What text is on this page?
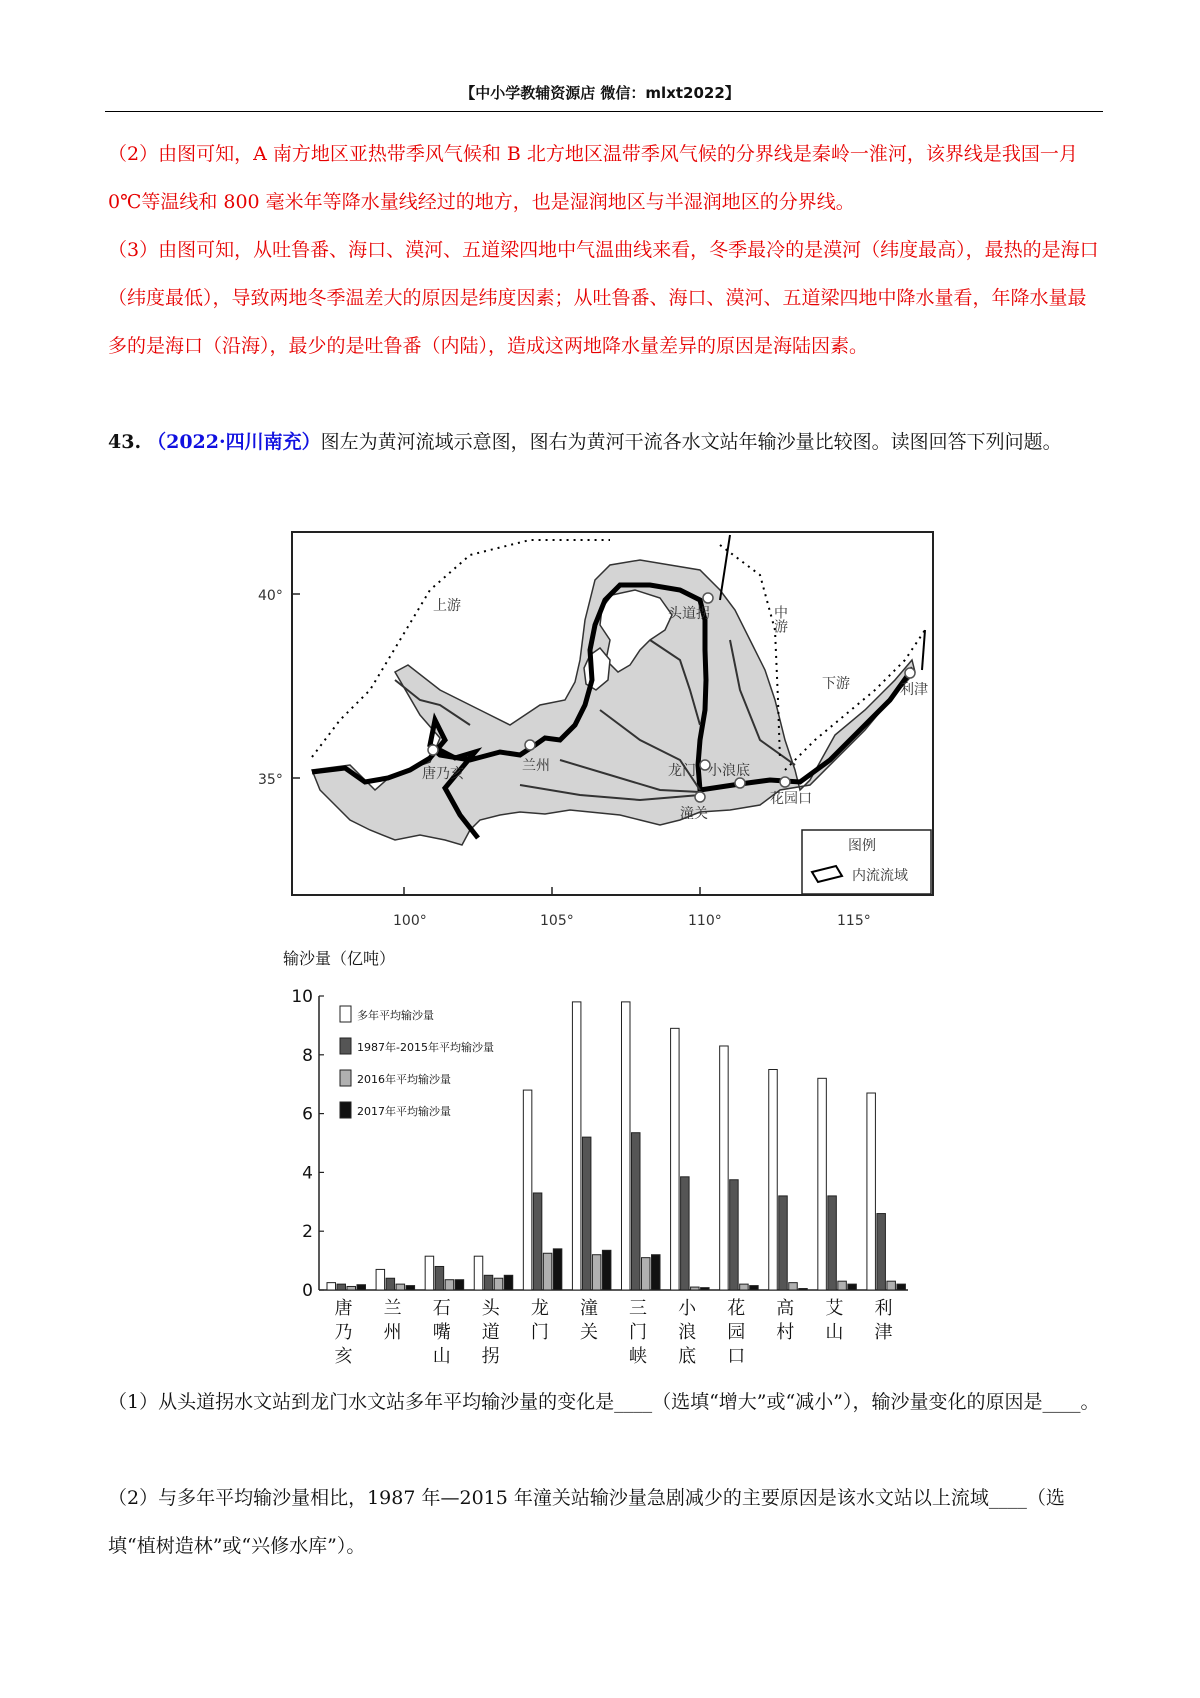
【中小学教辅资源店 微信：mlxt2022】

（2）由图可知，A 南方地区亚热带季风气候和 B 北方地区温带季风气候的分界线是秦岭一淮河，该界线是我国一月 0℃等温线和 800 毫米年等降水量线经过的地方，也是湿润地区与半湿润地区的分界线。

（3）由图可知，从吐鲁番、海口、漠河、五道梁四地中气温曲线来看，冬季最冷的是漠河（纬度最高），最热的是海口（纬度最低），导致两地冬季温差大的原因是纬度因素；从吐鲁番、海口、漠河、五道梁四地中降水量看，年降水量最多的是海口（沿海），最少的是吐鲁番（内陆），造成这两地降水量差异的原因是海陆因素。

43. （2022·四川南充）图左为黄河流域示意图，图右为黄河干流各水文站年输沙量比较图。读图回答下列问题。

40°
35°
100°	105°	110°	115°
上游	中游
下游
唐乃亥	兰州
头道拐
龙门 小浪底
潼关
花园口
利津
图例
内流流域
输沙量（亿吨）
0
2
4
6
8
10
多年平均输沙量
1987年-2015年平均输沙量
2016年平均输沙量
2017年平均输沙量
唐
乃
亥
兰
州
石
嘴
山
头
道
拐
龙
门
潼
关
三
门
峡
小
浪
底
花
园
口
高
村
艾
山
利
津

（1）从头道拐水文站到龙门水文站多年平均输沙量的变化是____（选填“增大”或“减小”），输沙量变化的原因是____。

（2）与多年平均输沙量相比，1987 年—2015 年潼关站输沙量急剧减少的主要原因是该水文站以上流域____（选填“植树造林”或“兴修水库”）。
